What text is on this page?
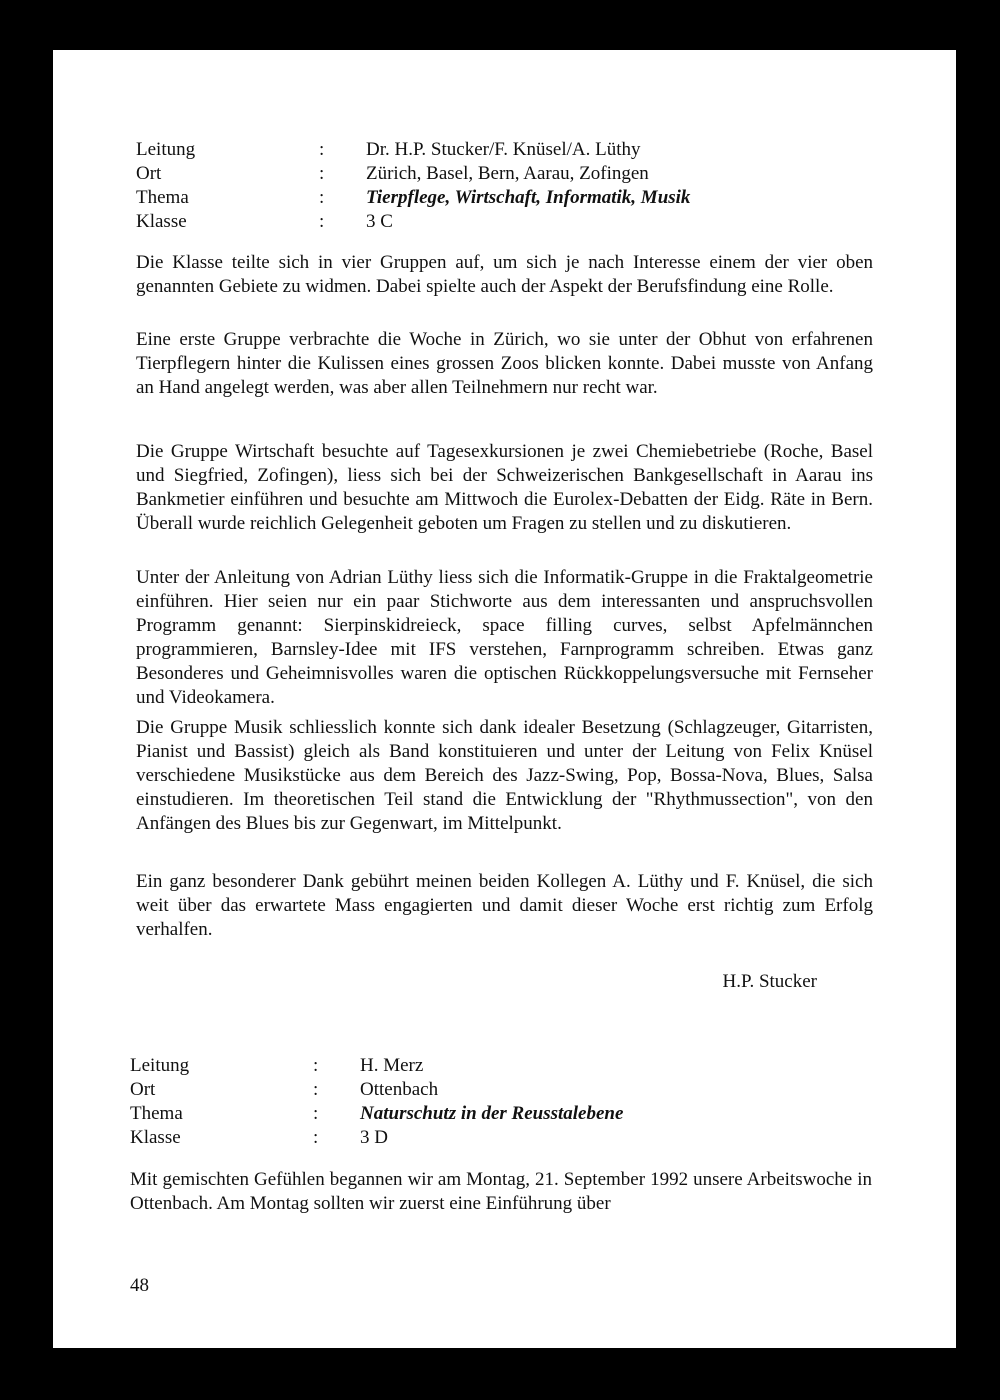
Leitung	: Dr. H.P. Stucker/F. Knüsel/A. Lüthy
Ort	: Zürich, Basel, Bern, Aarau, Zofingen
Thema	: Tierpflege, Wirtschaft, Informatik, Musik
Klasse	: 3 C

Die Klasse teilte sich in vier Gruppen auf, um sich je nach Interesse einem der vier oben genannten Gebiete zu widmen. Dabei spielte auch der Aspekt der Berufsfindung eine Rolle.

Eine erste Gruppe verbrachte die Woche in Zürich, wo sie unter der Obhut von erfahrenen Tierpflegern hinter die Kulissen eines grossen Zoos blicken konnte. Dabei musste von Anfang an Hand angelegt werden, was aber allen Teilnehmern nur recht war.

Die Gruppe Wirtschaft besuchte auf Tagesexkursionen je zwei Chemiebetriebe (Roche, Basel und Siegfried, Zofingen), liess sich bei der Schweizerischen Bankgesellschaft in Aarau ins Bankmetier einführen und besuchte am Mittwoch die Eurolex-Debatten der Eidg. Räte in Bern. Überall wurde reichlich Gelegenheit geboten um Fragen zu stellen und zu diskutieren.

Unter der Anleitung von Adrian Lüthy liess sich die Informatik-Gruppe in die Fraktalgeometrie einführen. Hier seien nur ein paar Stichworte aus dem interessanten und anspruchsvollen Programm genannt: Sierpinskidreieck, space filling curves, selbst Apfelmännchen programmieren, Barnsley-Idee mit IFS verstehen, Farnprogramm schreiben. Etwas ganz Besonderes und Geheimnisvolles waren die optischen Rückkoppelungsversuche mit Fernseher und Videokamera.

Die Gruppe Musik schliesslich konnte sich dank idealer Besetzung (Schlagzeuger, Gitarristen, Pianist und Bassist) gleich als Band konstituieren und unter der Leitung von Felix Knüsel verschiedene Musikstücke aus dem Bereich des Jazz-Swing, Pop, Bossa-Nova, Blues, Salsa einstudieren. Im theoretischen Teil stand die Entwicklung der "Rhythmussection", von den Anfängen des Blues bis zur Gegenwart, im Mittelpunkt.

Ein ganz besonderer Dank gebührt meinen beiden Kollegen A. Lüthy und F. Knüsel, die sich weit über das erwartete Mass engagierten und damit dieser Woche erst richtig zum Erfolg verhalfen.

H.P. Stucker
Leitung	: H. Merz
Ort	: Ottenbach
Thema	: Naturschutz in der Reusstalebene
Klasse	: 3 D

Mit gemischten Gefühlen begannen wir am Montag, 21. September 1992 unsere Arbeitswoche in Ottenbach. Am Montag sollten wir zuerst eine Einführung über

48
